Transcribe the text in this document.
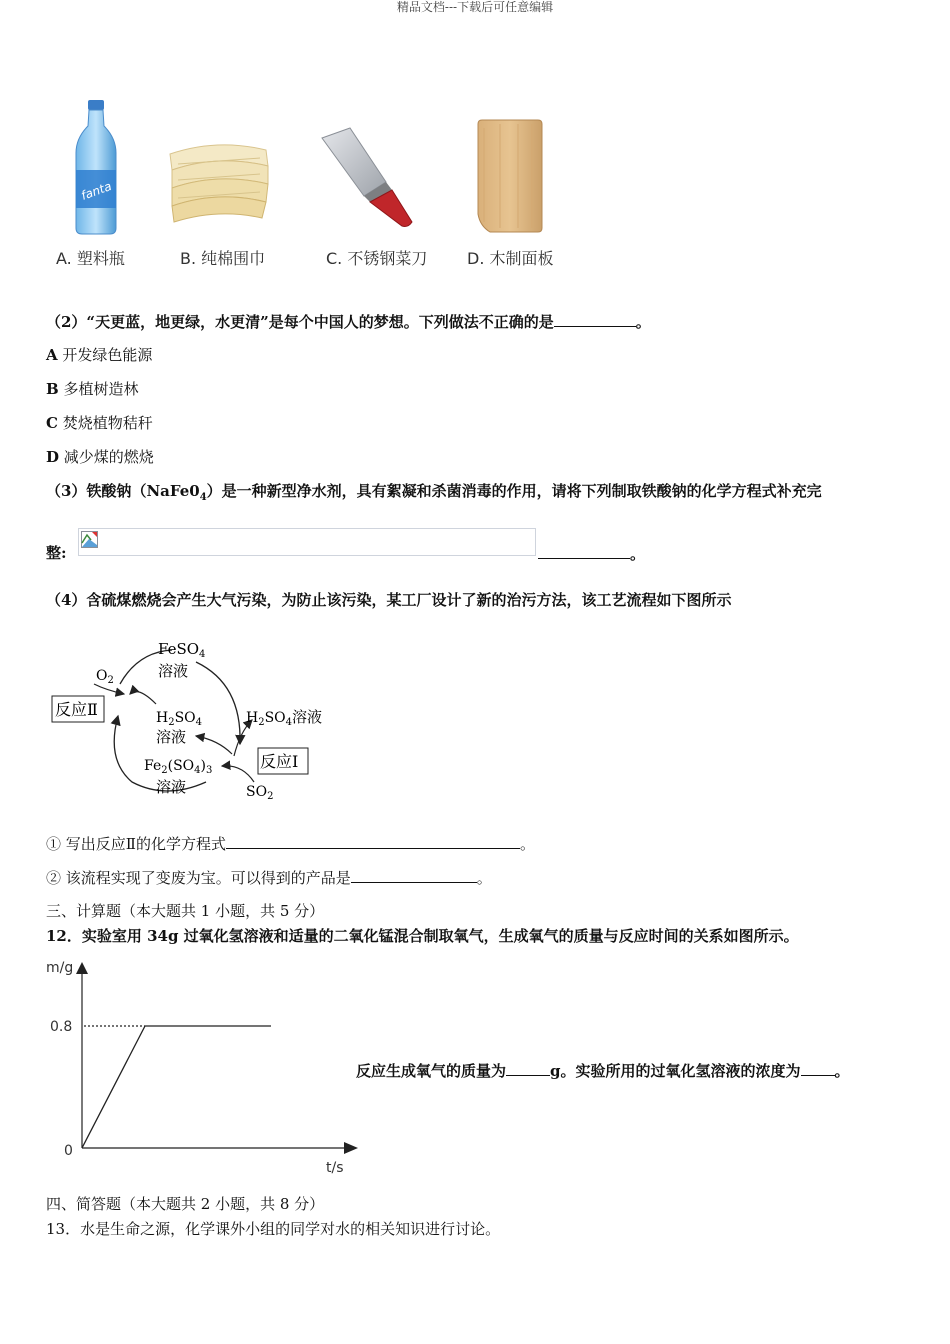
精品文档---下载后可任意编辑
fanta
A. 塑料瓶	B. 纯棉围巾	C. 不锈钢菜刀 D. 木制面板
（2）“天更蓝，地更绿，水更清”是每个中国人的梦想。下列做法不正确的是	。
A 开发绿色能源
B 多植树造林
C 焚烧植物秸秆
D 减少煤的燃烧
（3）铁酸钠$(NaFe0_4)$是一种新型净水剂，具有絮凝和杀菌消毒的作用，请将下列制取铁酸钠的化学方程式补充完
整:	。
（4）含硫煤燃烧会产生大气污染，为防止该污染，某工厂设计了新的治污方法，该工艺流程如下图所示
FeSO$_4$
溶液
$O_2$
反应Ⅱ	$H_2SO_4$
溶液
$H_2SO_4$溶液
反应Ⅰ
$Fe_2(SO_4)_3$
溶液	$SO_2$
① 写出反应Ⅱ的化学方程式	。
② 该流程实现了变废为宝。可以得到的产品是	。
三、计算题（本大题共 1 小题，共 5 分）
12．实验室用 34g 过氧化氢溶液和适量的二氧化锰混合制取氧气，生成氧气的质量与反应时间的关系如图所示。
m/g
t/s
0.8
0
反应生成氧气的质量为	g。实验所用的过氧化氢溶液的浓度为 。
四、简答题（本大题共 2 小题，共 8 分）
13．水是生命之源，化学课外小组的同学对水的相关知识进行讨论。
